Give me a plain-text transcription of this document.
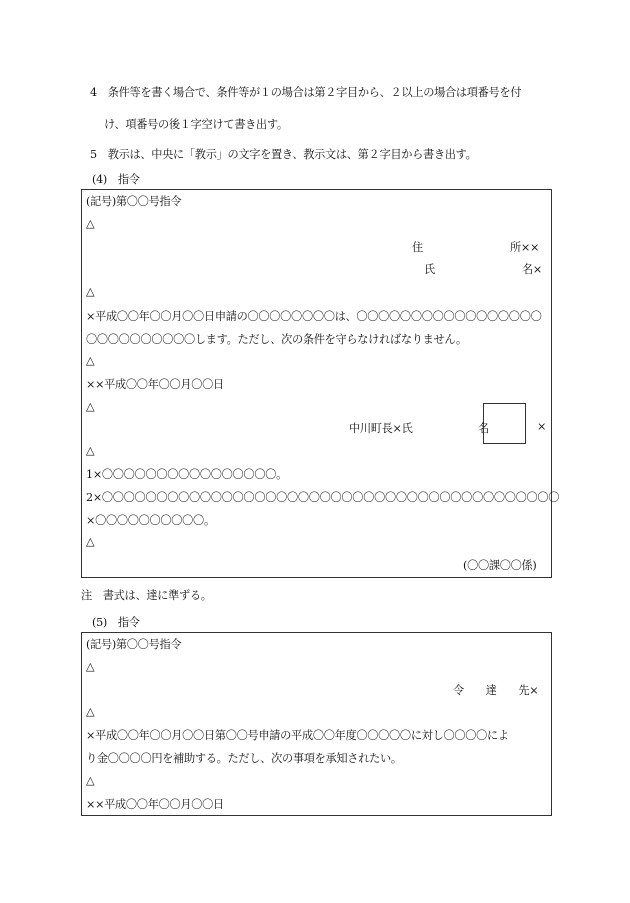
4　条件等を書く場合で、条件等が１の場合は第２字目から、２以上の場合は項番号を付
け、項番号の後１字空けて書き出す。
5　教示は、中央に「教示」の文字を置き、教示文は、第２字目から書き出す。
(4)　指令
(記号)第〇〇号指令
△
住　　　　　　　　所××
氏　　　　　　　　名×
△
×平成〇〇年〇〇月〇〇日申請の〇〇〇〇〇〇〇〇は、〇〇〇〇〇〇〇〇〇〇〇〇〇〇〇〇〇
〇〇〇〇〇〇〇〇〇〇します。ただし、次の条件を守らなければなりません。
△
××平成〇〇年〇〇月〇〇日
△
中川町長×氏	名	×
△
1×〇〇〇〇〇〇〇〇〇〇〇〇〇〇〇〇。
2×〇〇〇〇〇〇〇〇〇〇〇〇〇〇〇〇〇〇〇〇〇〇〇〇〇〇〇〇〇〇〇〇〇〇〇〇〇〇〇〇〇〇
×〇〇〇〇〇〇〇〇〇〇。
△
(〇〇課〇〇係)
注　書式は、達に準ずる。
(5)　指令
(記号)第〇〇号指令
△
令　　達　　先×
△
×平成〇〇年〇〇月〇〇日第〇〇号申請の平成〇〇年度〇〇〇〇〇に対し〇〇〇〇によ
り金〇〇〇〇円を補助する。ただし、次の事項を承知されたい。
△
××平成〇〇年〇〇月〇〇日
